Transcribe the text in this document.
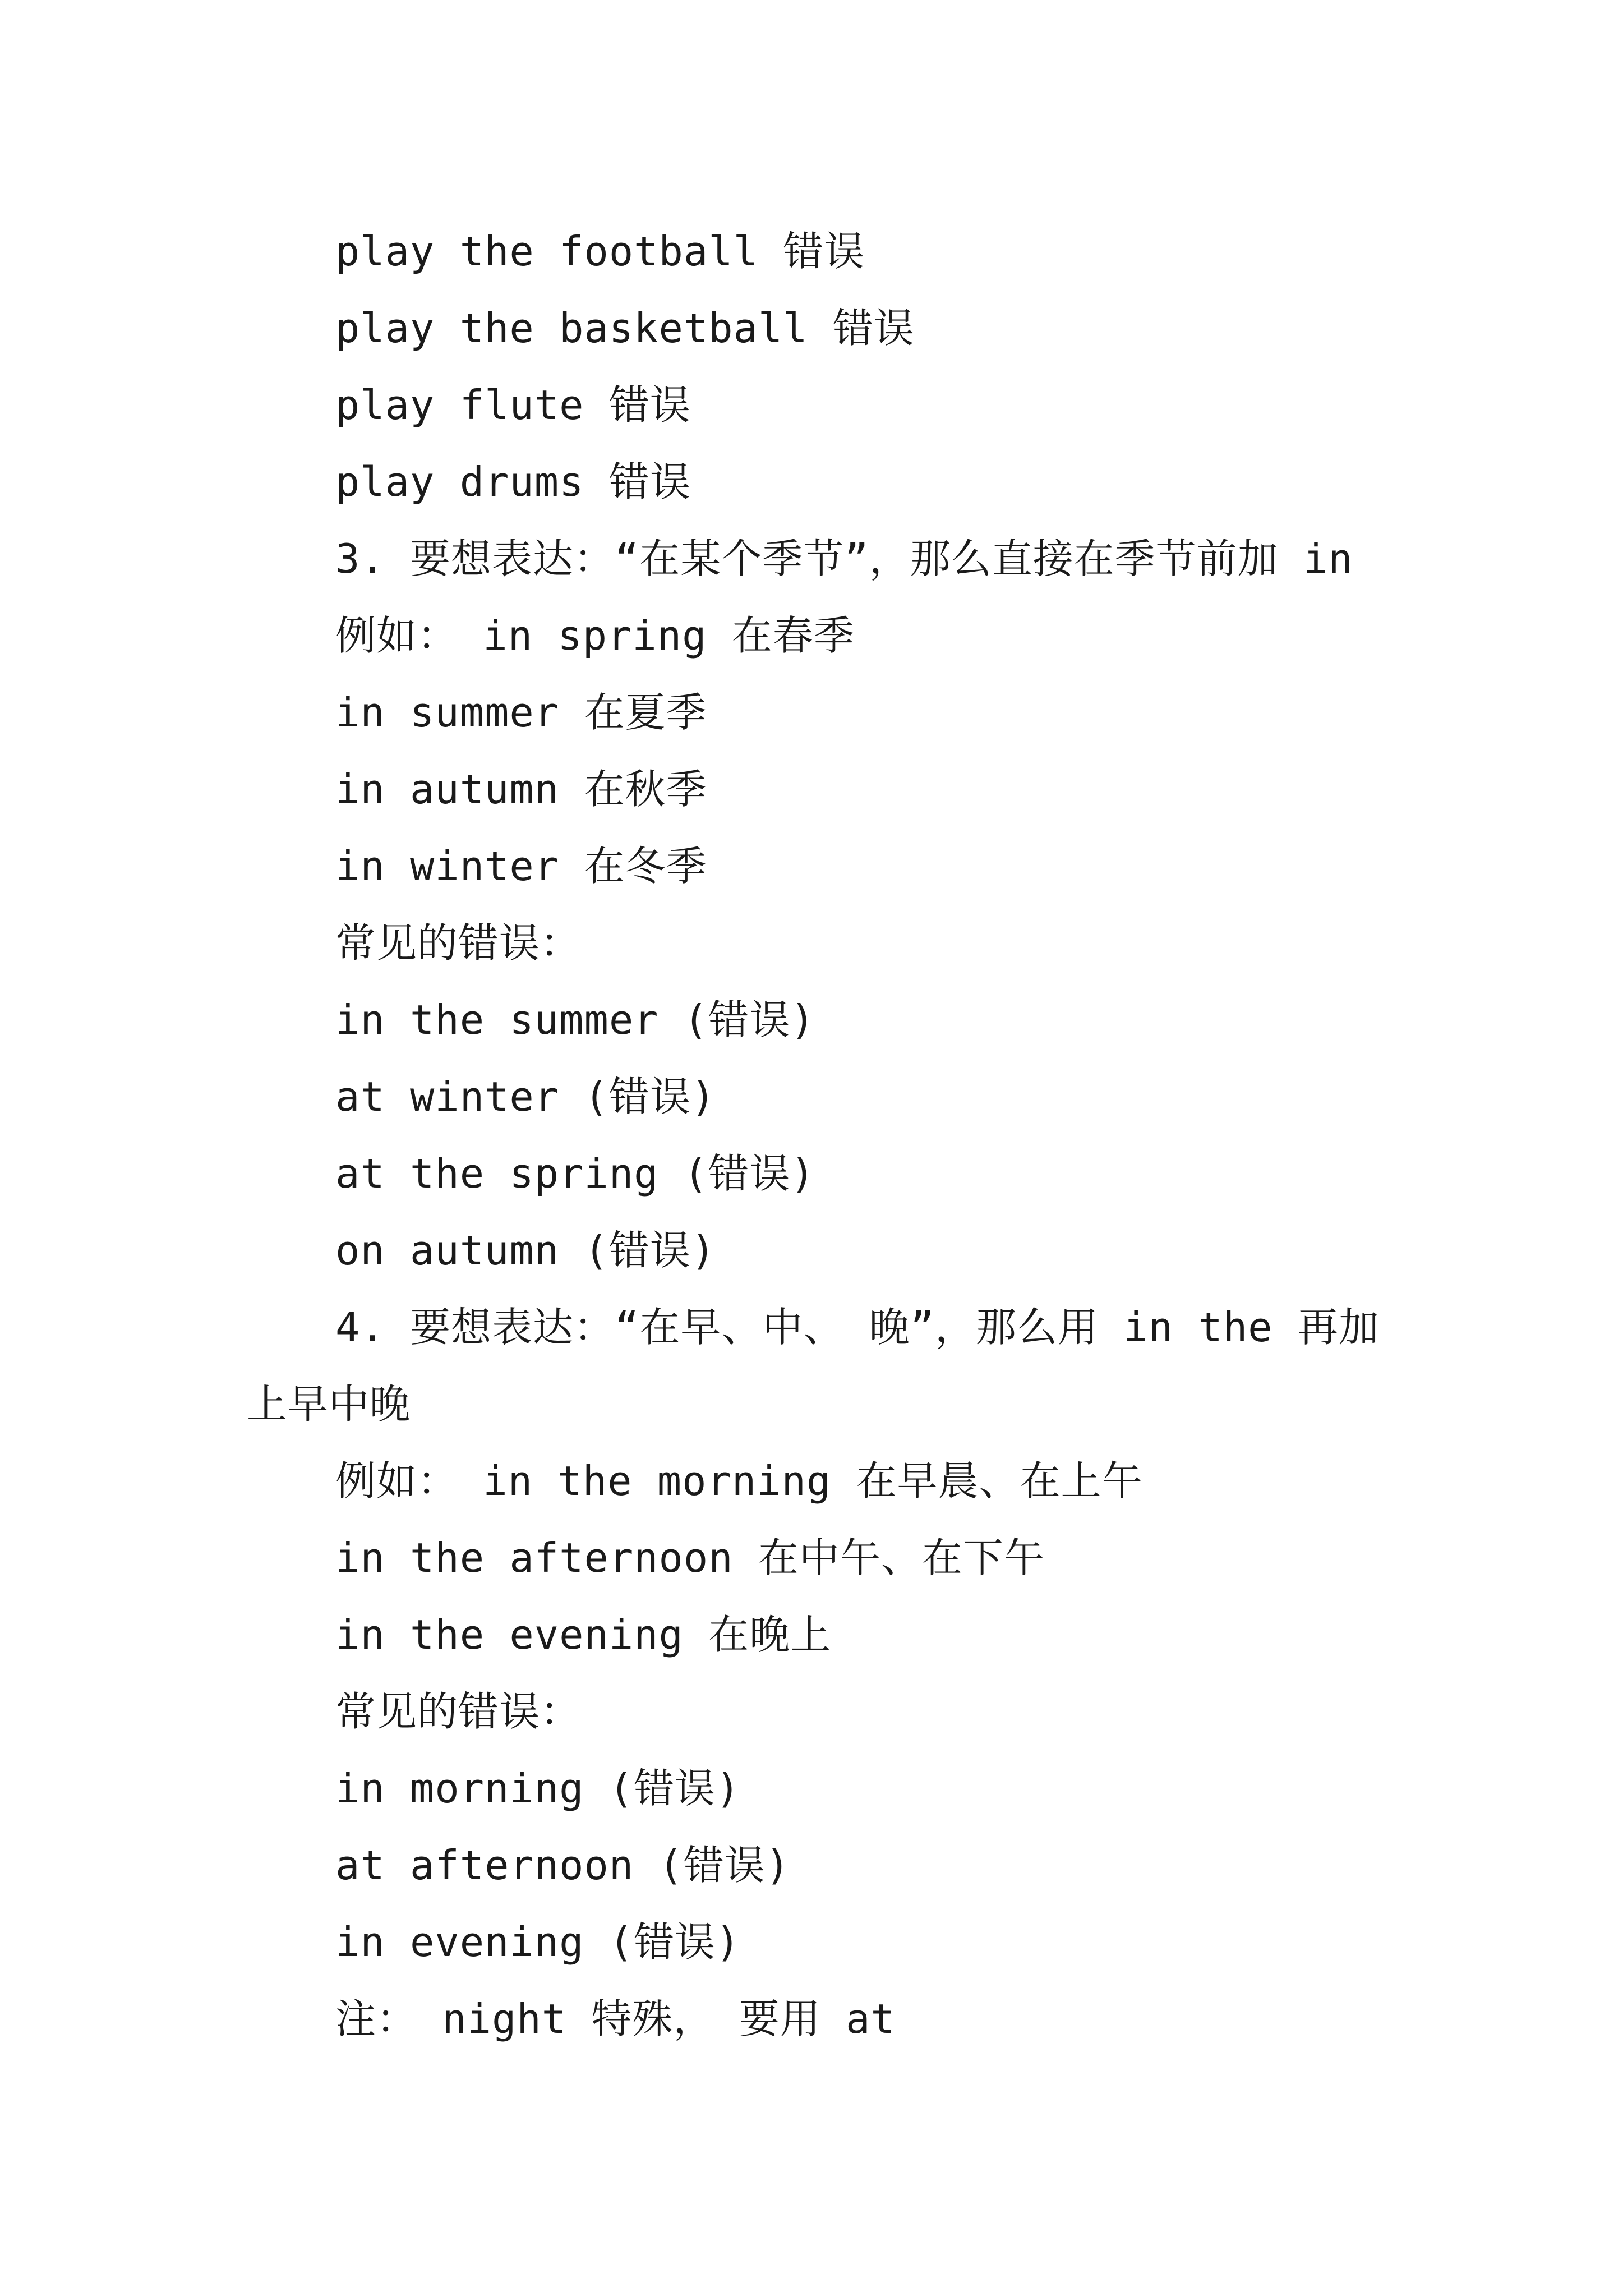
play the football 错误
play the basketball 错误
play flute 错误
play drums 错误
3. 要想表达：“在某个季节”，那么直接在季节前加 in
例如： in spring 在春季
in summer 在夏季
in autumn 在秋季
in winter 在冬季
常见的错误：
in the summer (错误)
at winter (错误)
at the spring (错误)
on autumn (错误)
4. 要想表达：“在早、中、 晚”，那么用 in the 再加
上早中晚
例如： in the morning 在早晨、在上午
in the afternoon 在中午、在下午
in the evening 在晚上
常见的错误：
in morning (错误)
at afternoon (错误)
in evening (错误)
注： night 特殊， 要用 at
